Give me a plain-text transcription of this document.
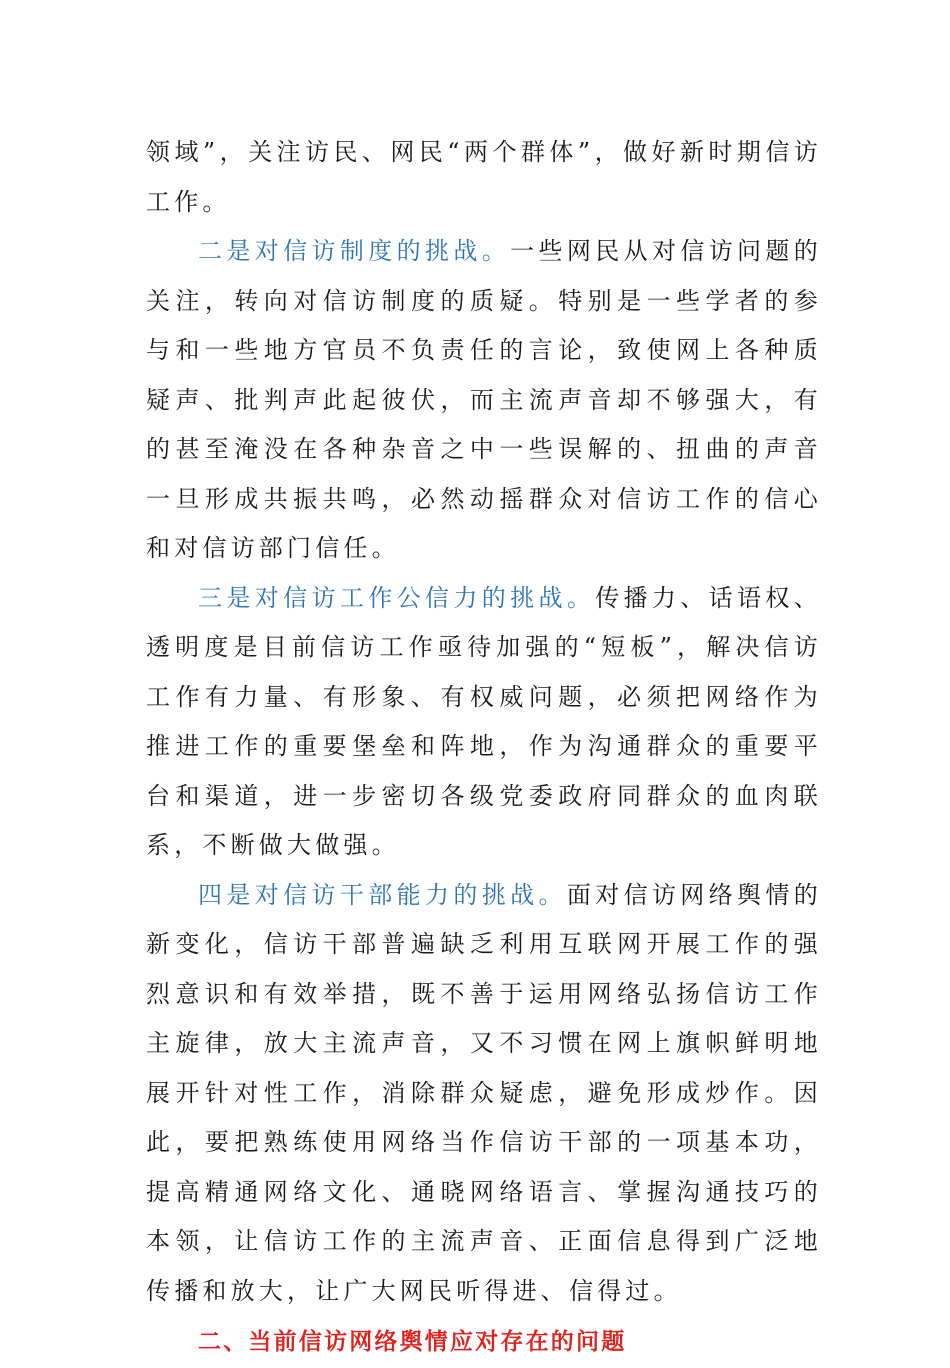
领域”，关注访民、网民“两个群体”，做好新时期信访工作。

二是对信访制度的挑战。一些网民从对信访问题的关注，转向对信访制度的质疑。特别是一些学者的参与和一些地方官员不负责任的言论，致使网上各种质疑声、批判声此起彼伏，而主流声音却不够强大，有的甚至淹没在各种杂音之中一些误解的、扭曲的声音一旦形成共振共鸣，必然动摇群众对信访工作的信心和对信访部门信任。

三是对信访工作公信力的挑战。传播力、话语权、透明度是目前信访工作亟待加强的“短板”，解决信访工作有力量、有形象、有权威问题，必须把网络作为推进工作的重要堡垒和阵地，作为沟通群众的重要平台和渠道，进一步密切各级党委政府同群众的血肉联系，不断做大做强。

四是对信访干部能力的挑战。面对信访网络舆情的新变化，信访干部普遍缺乏利用互联网开展工作的强烈意识和有效举措，既不善于运用网络弘扬信访工作主旋律，放大主流声音，又不习惯在网上旗帜鲜明地展开针对性工作，消除群众疑虑，避免形成炒作。因此，要把熟练使用网络当作信访干部的一项基本功，提高精通网络文化、通晓网络语言、掌握沟通技巧的本领，让信访工作的主流声音、正面信息得到广泛地传播和放大，让广大网民听得进、信得过。

二、当前信访网络舆情应对存在的问题
